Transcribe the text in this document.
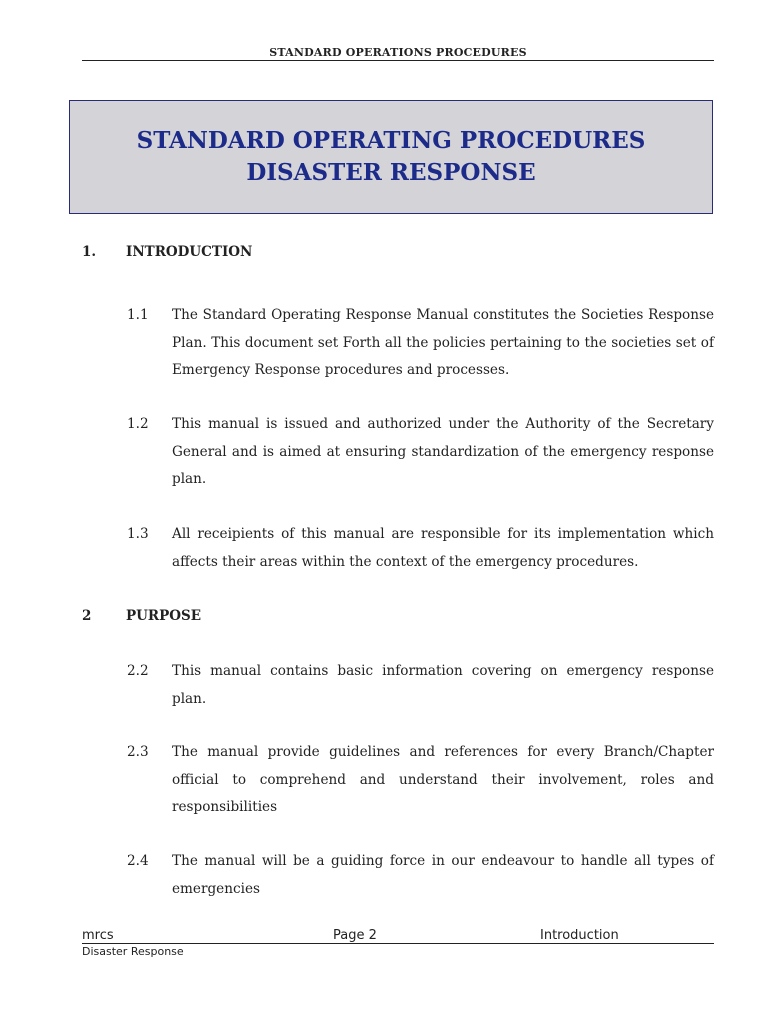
STANDARD OPERATIONS PROCEDURES
STANDARD OPERATING PROCEDURES
DISASTER RESPONSE
1. INTRODUCTION
1.1 The Standard Operating Response Manual constitutes the Societies Response Plan. This document set Forth all the policies pertaining to the societies set of Emergency Response procedures and processes.
1.2 This manual is issued and authorized under the Authority of the Secretary General and is aimed at ensuring standardization of the emergency response plan.
1.3 All receipients of this manual are responsible for its implementation which affects their areas within the context of the emergency procedures.
2	PURPOSE
2.2 This manual contains basic information covering on emergency response plan.
2.3 The manual provide guidelines and references for every Branch/Chapter official to comprehend and understand their involvement, roles and responsibilities
2.4 The manual will be a guiding force in our endeavour to handle all types of emergencies
mrcs	Page 2	Introduction
Disaster Response
